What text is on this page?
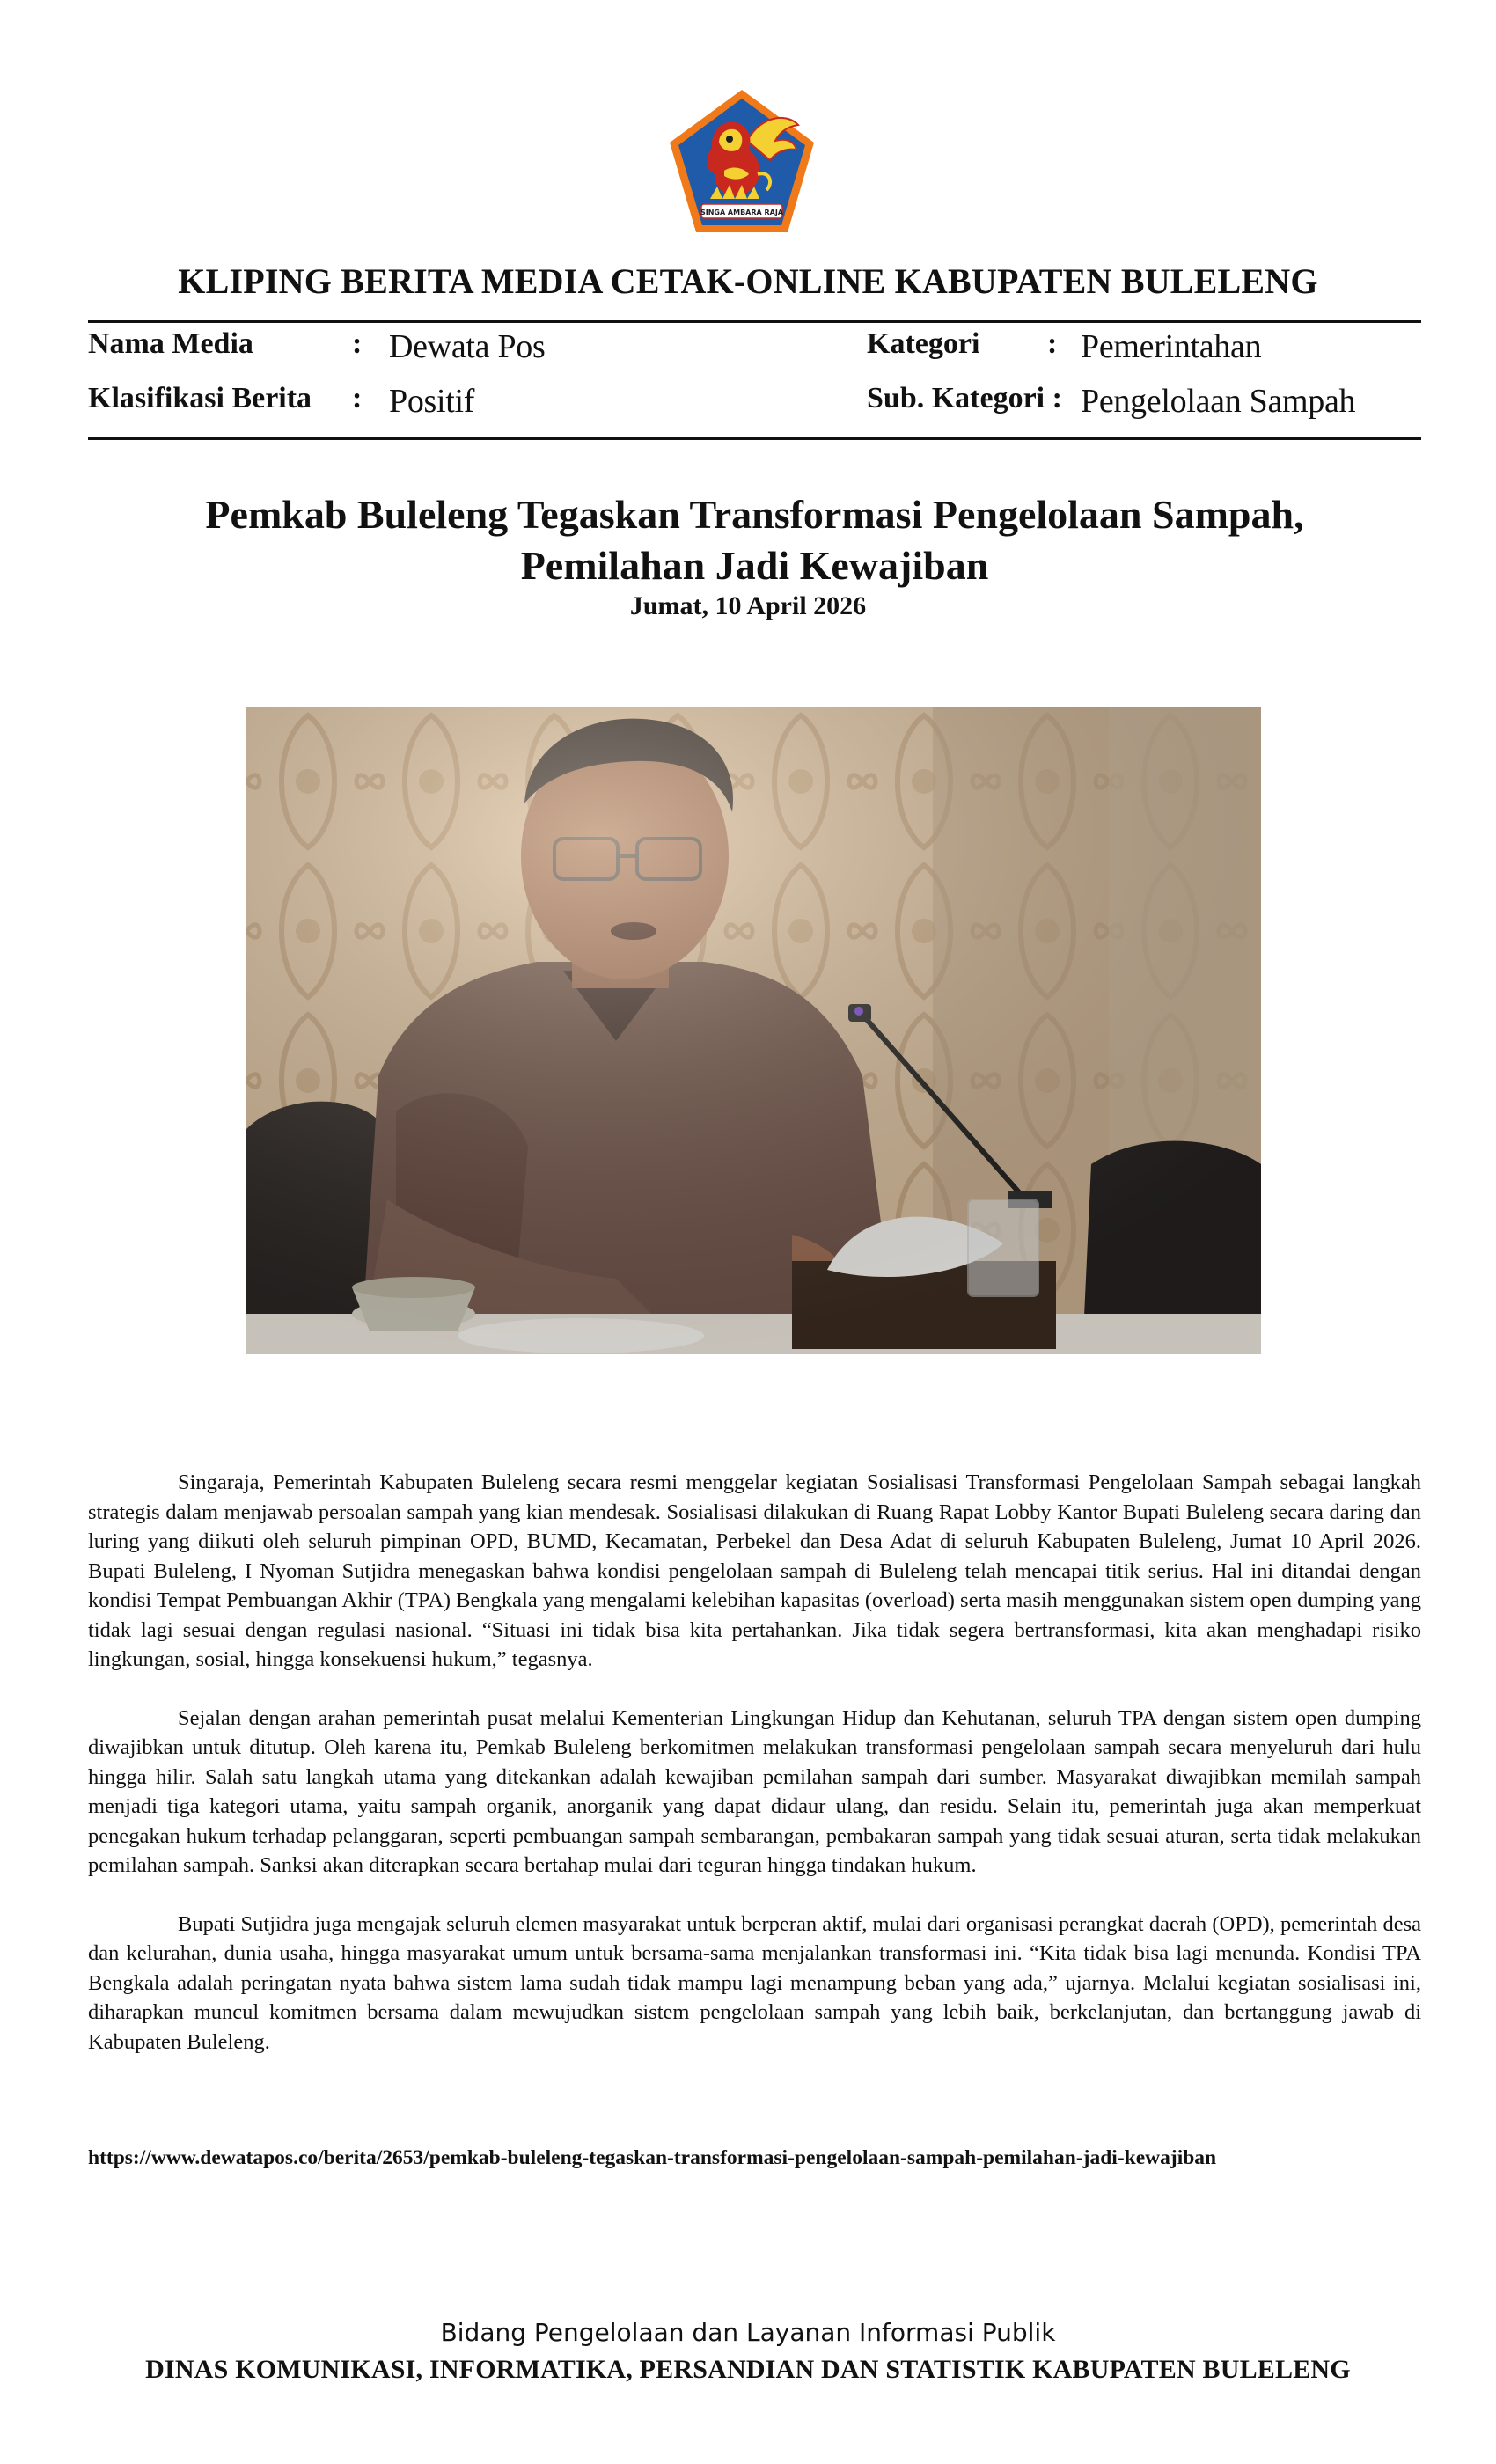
SINGA AMBARA RAJA
KLIPING BERITA MEDIA CETAK-ONLINE KABUPATEN BULELENG
Nama Media	: Dewata Pos
Klasifikasi Berita : Positif
Kategori : Pemerintahan
Sub. Kategori : Pengelolaan Sampah
Pemkab Buleleng Tegaskan Transformasi Pengelolaan Sampah,
Pemilahan Jadi Kewajiban
Jumat, 10 April 2026

Singaraja, Pemerintah Kabupaten Buleleng secara resmi menggelar kegiatan Sosialisasi Transformasi Pengelolaan Sampah sebagai langkah strategis dalam menjawab persoalan sampah yang kian mendesak. Sosialisasi dilakukan di Ruang Rapat Lobby Kantor Bupati Buleleng secara daring dan luring yang diikuti oleh seluruh pimpinan OPD, BUMD, Kecamatan, Perbekel dan Desa Adat di seluruh Kabupaten Buleleng, Jumat 10 April 2026. Bupati Buleleng, I Nyoman Sutjidra menegaskan bahwa kondisi pengelolaan sampah di Buleleng telah mencapai titik serius. Hal ini ditandai dengan kondisi Tempat Pembuangan Akhir (TPA) Bengkala yang mengalami kelebihan kapasitas (overload) serta masih menggunakan sistem open dumping yang tidak lagi sesuai dengan regulasi nasional. “Situasi ini tidak bisa kita pertahankan. Jika tidak segera bertransformasi, kita akan menghadapi risiko lingkungan, sosial, hingga konsekuensi hukum,” tegasnya.

Sejalan dengan arahan pemerintah pusat melalui Kementerian Lingkungan Hidup dan Kehutanan, seluruh TPA dengan sistem open dumping diwajibkan untuk ditutup. Oleh karena itu, Pemkab Buleleng berkomitmen melakukan transformasi pengelolaan sampah secara menyeluruh dari hulu hingga hilir. Salah satu langkah utama yang ditekankan adalah kewajiban pemilahan sampah dari sumber. Masyarakat diwajibkan memilah sampah menjadi tiga kategori utama, yaitu sampah organik, anorganik yang dapat didaur ulang, dan residu. Selain itu, pemerintah juga akan memperkuat penegakan hukum terhadap pelanggaran, seperti pembuangan sampah sembarangan, pembakaran sampah yang tidak sesuai aturan, serta tidak melakukan pemilahan sampah. Sanksi akan diterapkan secara bertahap mulai dari teguran hingga tindakan hukum.

Bupati Sutjidra juga mengajak seluruh elemen masyarakat untuk berperan aktif, mulai dari organisasi perangkat daerah (OPD), pemerintah desa dan kelurahan, dunia usaha, hingga masyarakat umum untuk bersama-sama menjalankan transformasi ini. “Kita tidak bisa lagi menunda. Kondisi TPA Bengkala adalah peringatan nyata bahwa sistem lama sudah tidak mampu lagi menampung beban yang ada,” ujarnya. Melalui kegiatan sosialisasi ini, diharapkan muncul komitmen bersama dalam mewujudkan sistem pengelolaan sampah yang lebih baik, berkelanjutan, dan bertanggung jawab di Kabupaten Buleleng.

https://www.dewatapos.co/berita/2653/pemkab-buleleng-tegaskan-transformasi-pengelolaan-sampah-pemilahan-jadi-kewajiban
Bidang Pengelolaan dan Layanan Informasi Publik
DINAS KOMUNIKASI, INFORMATIKA, PERSANDIAN DAN STATISTIK KABUPATEN BULELENG
